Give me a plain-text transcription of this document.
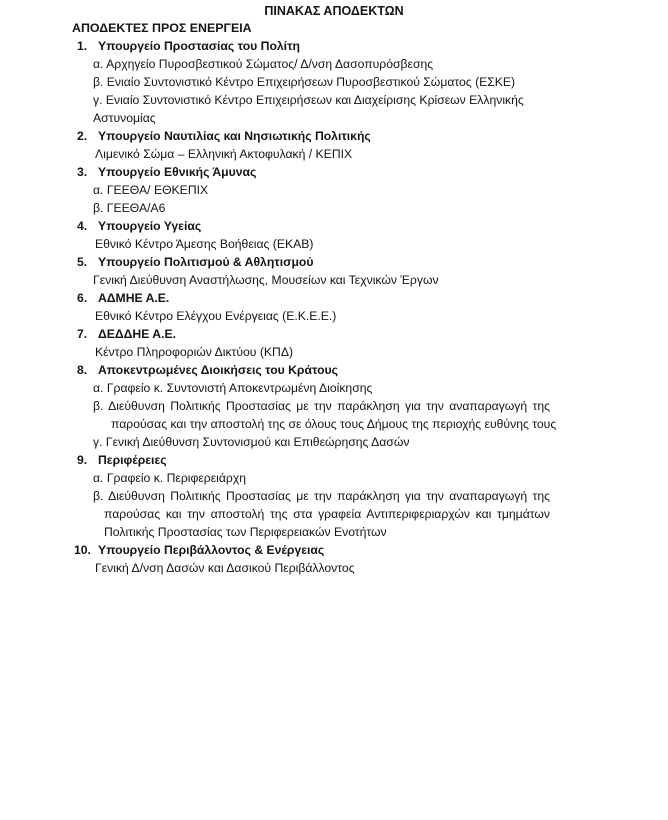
ΠΙΝΑΚΑΣ ΑΠΟΔΕΚΤΩΝ
ΑΠΟΔΕΚΤΕΣ ΠΡΟΣ ΕΝΕΡΓΕΙΑ
1. Υπουργείο Προστασίας του Πολίτη
α. Αρχηγείο Πυροσβεστικού Σώματος/ Δ/νση Δασοπυρόσβεσης
β. Ενιαίο Συντονιστικό Κέντρο Επιχειρήσεων Πυροσβεστικού Σώματος (ΕΣΚΕ)
γ. Ενιαίο Συντονιστικό Κέντρο Επιχειρήσεων και Διαχείρισης Κρίσεων Ελληνικής
Αστυνομίας
2. Υπουργείο Ναυτιλίας και Νησιωτικής Πολιτικής
Λιμενικό Σώμα – Ελληνική Ακτοφυλακή / ΚΕΠΙΧ
3. Υπουργείο Εθνικής Άμυνας
α. ΓΕΕΘΑ/ ΕΘΚΕΠΙΧ
β. ΓΕΕΘΑ/Α6
4. Υπουργείο Υγείας
Εθνικό Κέντρο Άμεσης Βοήθειας (ΕΚΑΒ)
5. Υπουργείο Πολιτισμού & Αθλητισμού
Γενική Διεύθυνση Αναστήλωσης, Μουσείων και Τεχνικών Έργων
6. ΑΔΜΗΕ Α.Ε.
Εθνικό Κέντρο Ελέγχου Ενέργειας (Ε.Κ.Ε.Ε.)
7. ΔΕΔΔΗΕ Α.Ε.
Κέντρο Πληροφοριών Δικτύου (ΚΠΔ)
8. Αποκεντρωμένες Διοικήσεις του Κράτους
α. Γραφείο κ. Συντονιστή Αποκεντρωμένη Διοίκησης
β. Διεύθυνση Πολιτικής Προστασίας με την παράκληση για την αναπαραγωγή της
παρούσας και την αποστολή της σε όλους τους Δήμους της περιοχής ευθύνης τους
γ. Γενική Διεύθυνση Συντονισμού και Επιθεώρησης Δασών
9. Περιφέρειες
α. Γραφείο κ. Περιφερειάρχη
β. Διεύθυνση Πολιτικής Προστασίας με την παράκληση για την αναπαραγωγή της
παρούσας και την αποστολή της στα γραφεία Αντιπεριφεριαρχών και τμημάτων
Πολιτικής Προστασίας των Περιφερειακών Ενοτήτων
10. Υπουργείο Περιβάλλοντος & Ενέργειας
Γενική Δ/νση Δασών και Δασικού Περιβάλλοντος
